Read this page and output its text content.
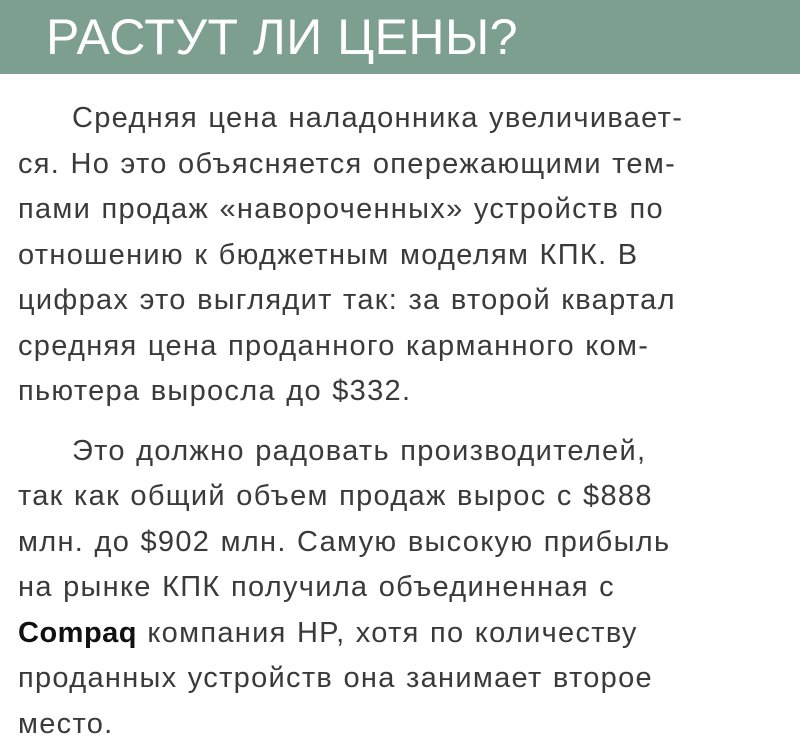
РАСТУТ ЛИ ЦЕНЫ?

Средняя цена наладонника увеличивает-
ся. Но это объясняется опережающими тем-
пами продаж «навороченных» устройств по
отношению к бюджетным моделям КПК. В
цифрах это выглядит так: за второй квартал
средняя цена проданного карманного ком-
пьютера выросла до $332.

Это должно радовать производителей,
так как общий объем продаж вырос с $888
млн. до $902 млн. Самую высокую прибыль
на рынке КПК получила объединенная с
Compaq компания HP, хотя по количеству
проданных устройств она занимает второе
место.
